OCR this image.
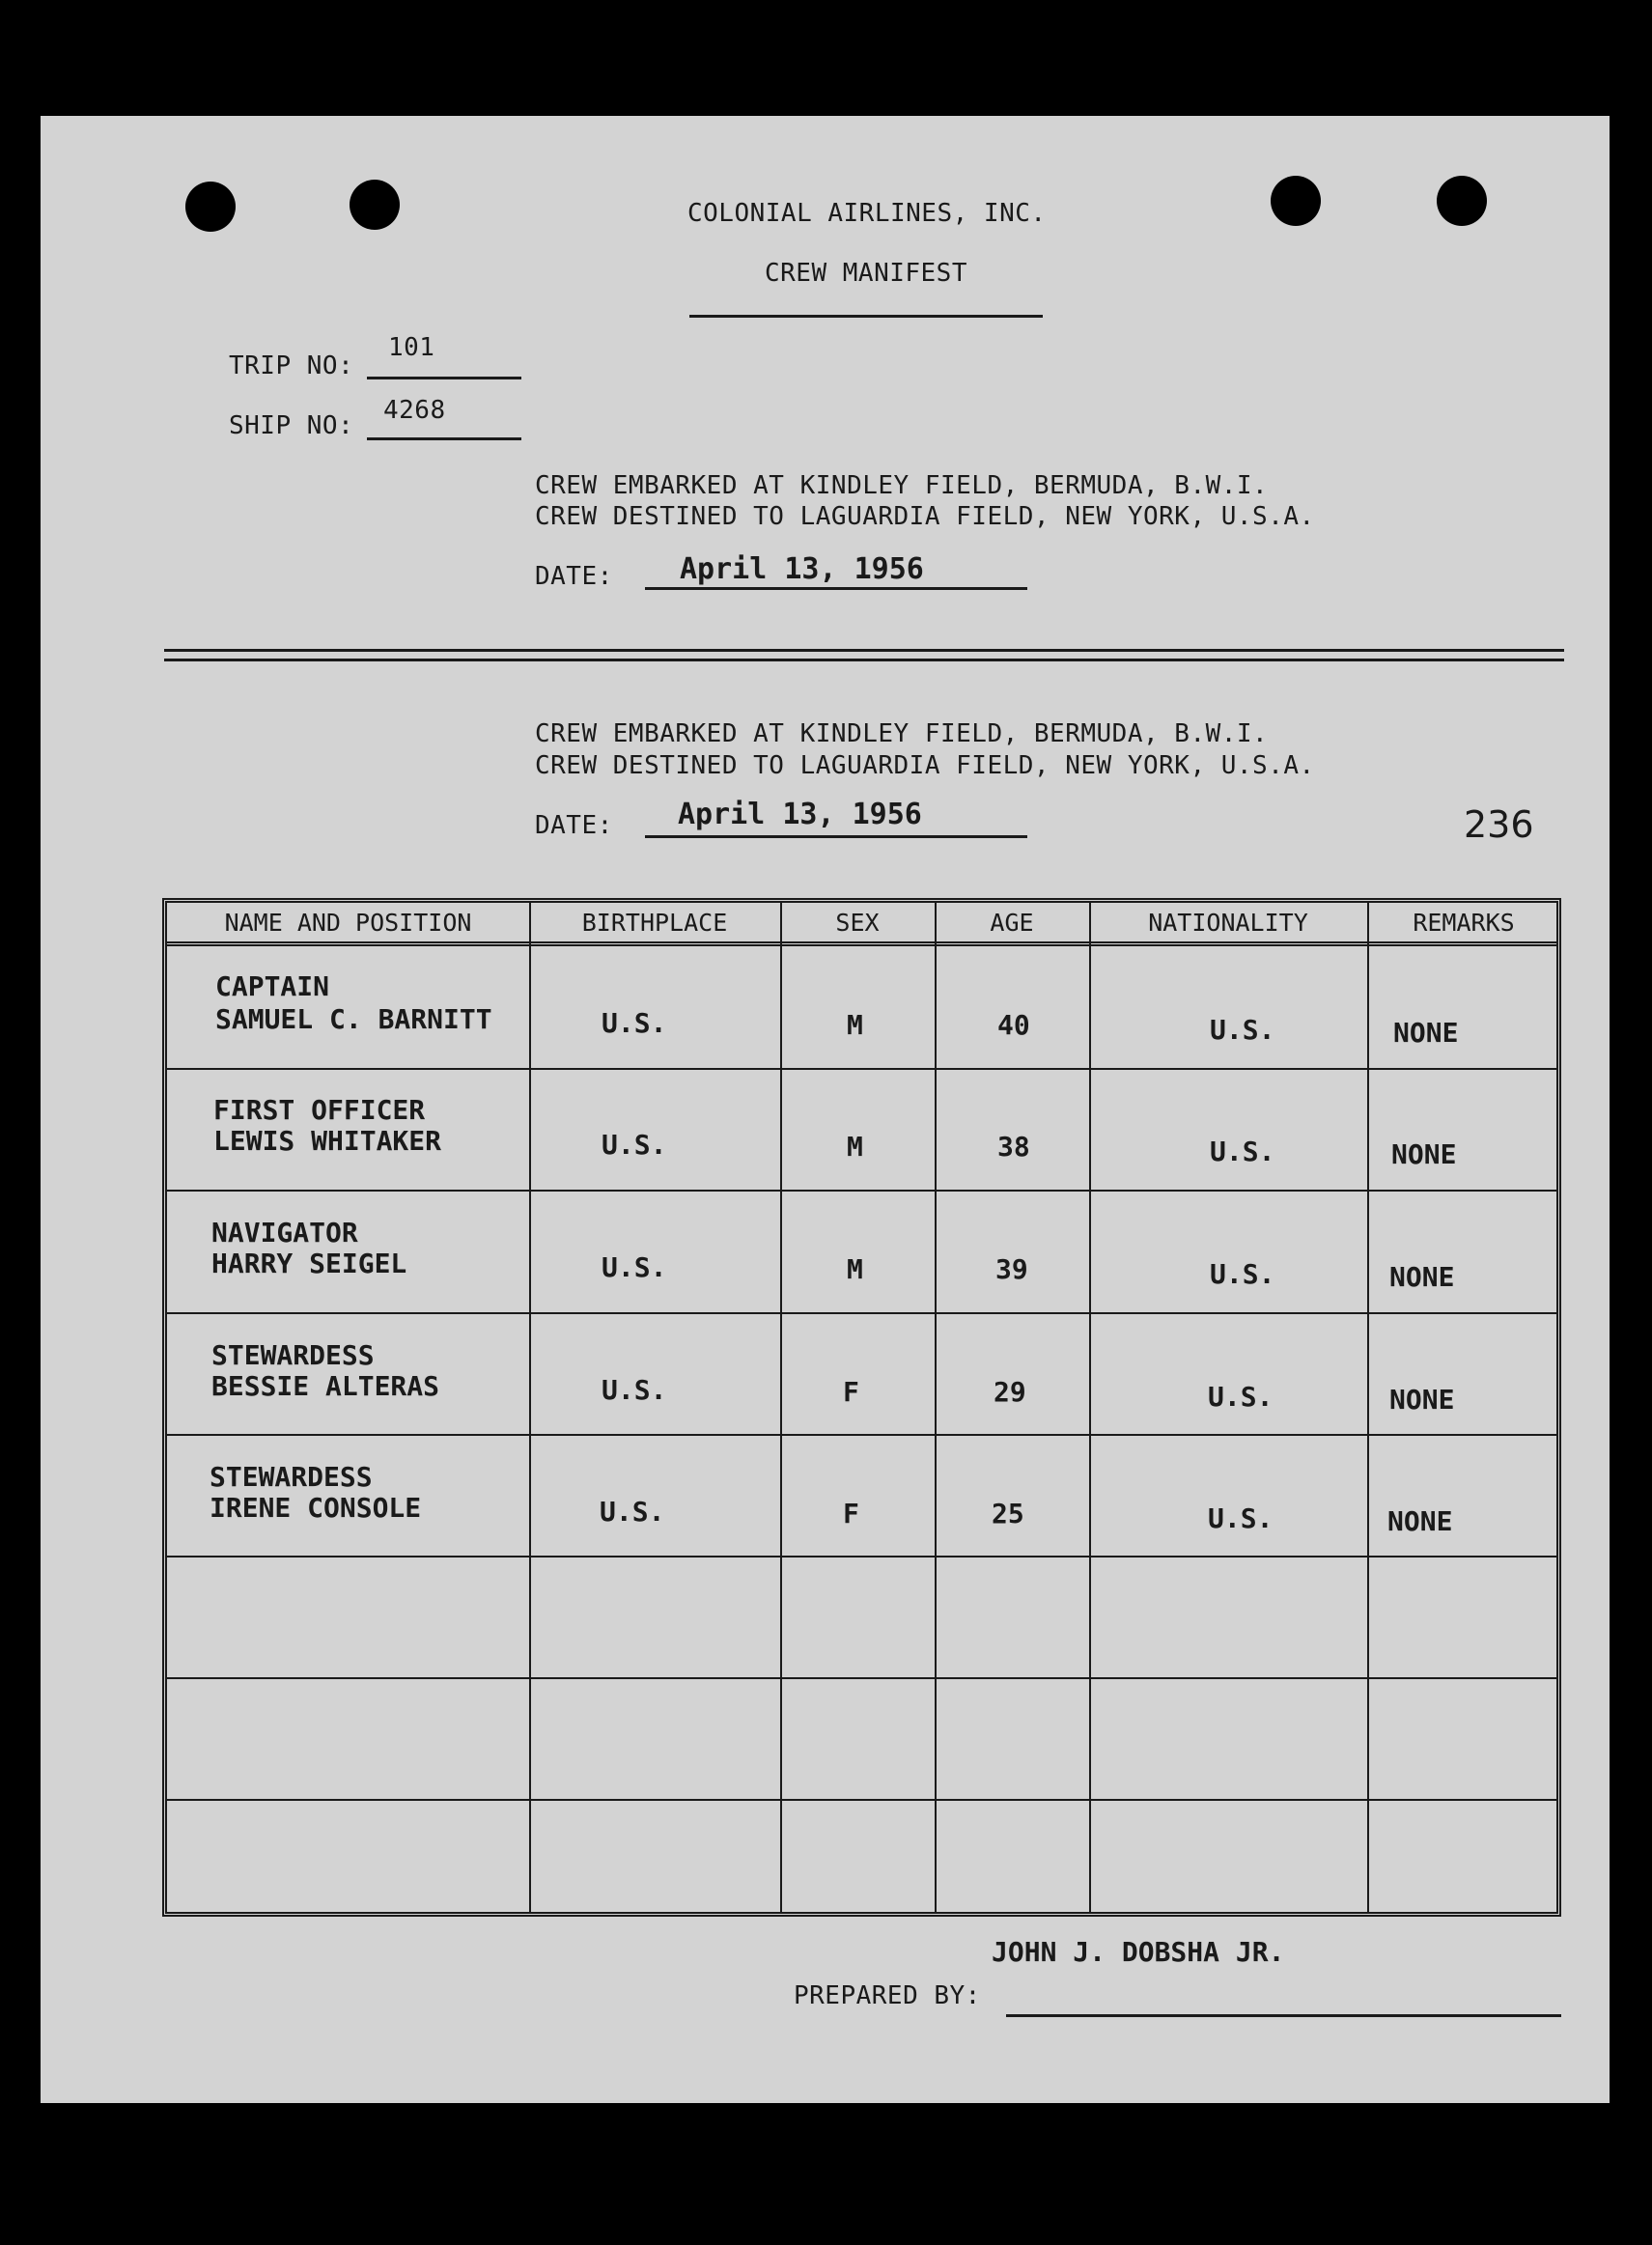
COLONIAL AIRLINES, INC.
CREW MANIFEST
TRIP NO:
101
SHIP NO:
4268
CREW EMBARKED AT KINDLEY FIELD, BERMUDA, B.W.I.
CREW DESTINED TO LAGUARDIA FIELD, NEW YORK, U.S.A.
DATE: April 13, 1956
CREW EMBARKED AT KINDLEY FIELD, BERMUDA, B.W.I.
CREW DESTINED TO LAGUARDIA FIELD, NEW YORK, U.S.A.
DATE: April 13, 1956	236
NAME AND POSITION	BIRTHPLACE	SEX	AGE	NATIONALITY	REMARKS
CAPTAIN
SAMUEL C. BARNITT	U.S.	M	40	U.S.	NONE
FIRST OFFICER
LEWIS WHITAKER	U.S.	M	38	U.S.	NONE
NAVIGATOR
HARRY SEIGEL	U.S.	M	39	U.S.	NONE
STEWARDESS
BESSIE ALTERAS	U.S.	F	29	U.S.	NONE
STEWARDESS
IRENE CONSOLE	U.S.	F	25	U.S.	NONE
JOHN J. DOBSHA JR.
PREPARED BY:
